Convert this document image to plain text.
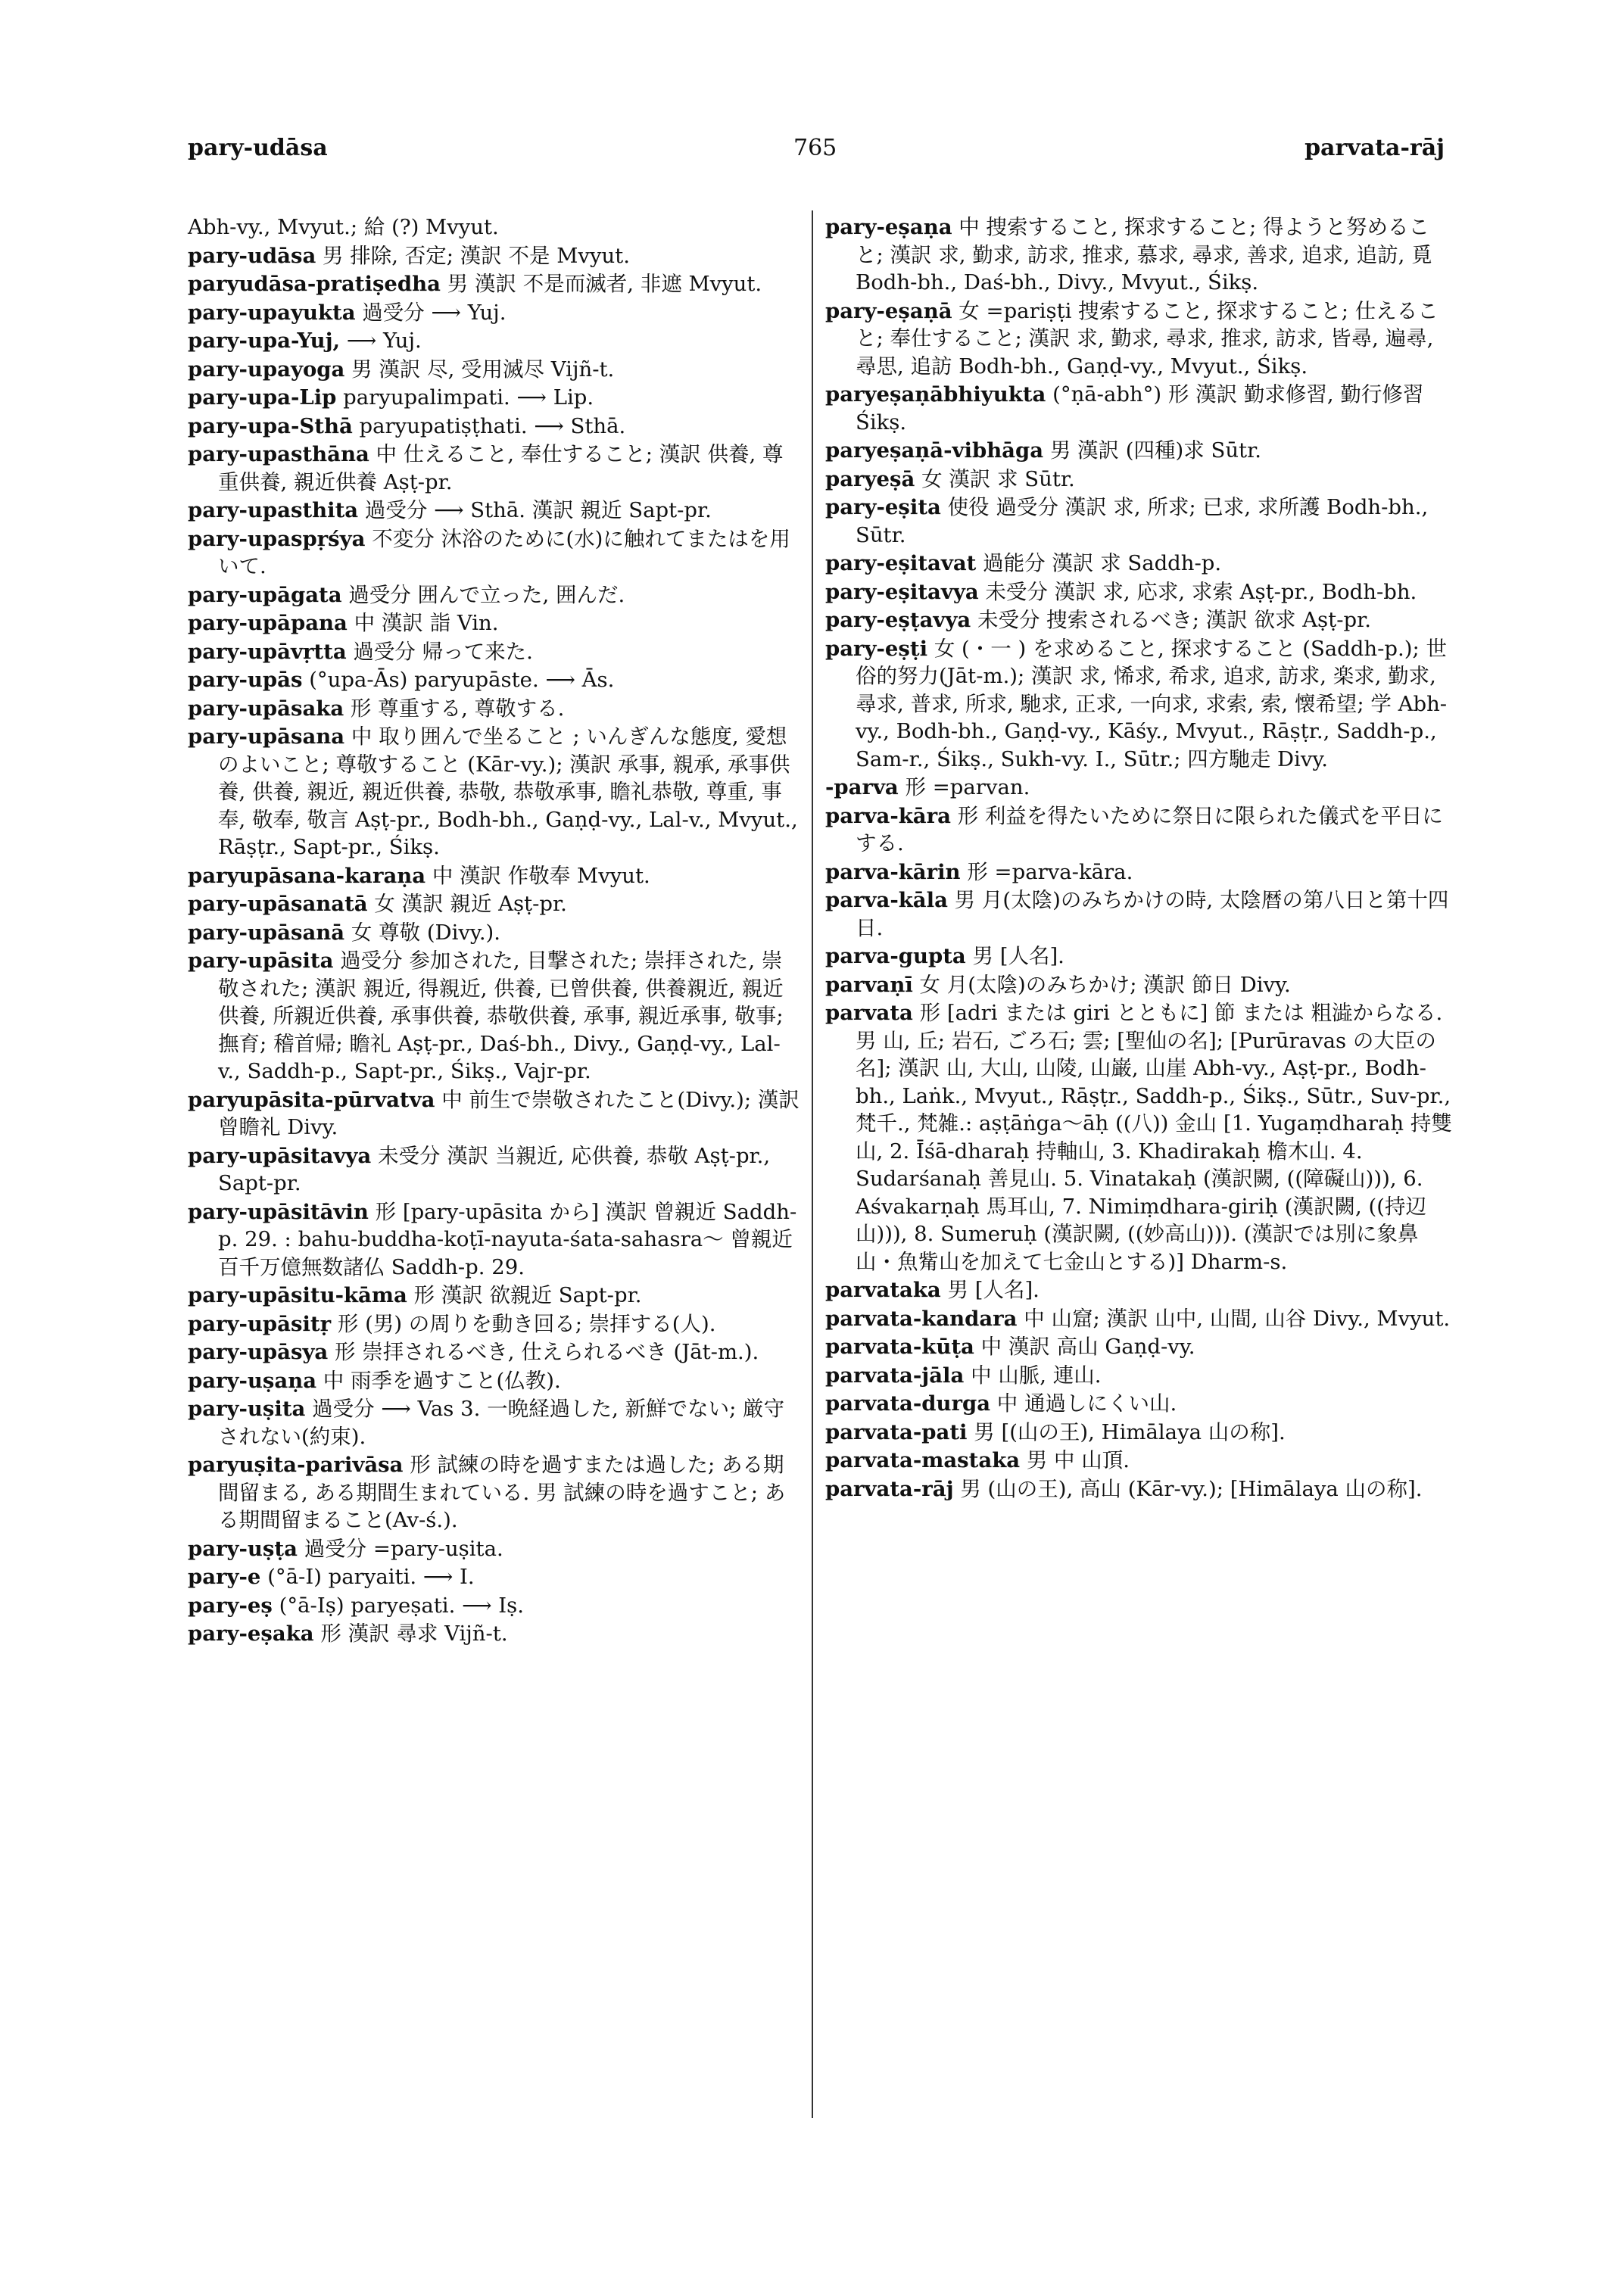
pary-udāsa	765	parvata-rāj
Abh-vy., Mvyut.; 給 (?) Mvyut.
pary-udāsa 男 排除, 否定; 漢訳 不是 Mvyut.
paryudāsa-pratiṣedha 男 漢訳 不是而滅者, 非遮 Mvyut.
pary-upayukta 過受分 ⟶ Yuj.
pary-upa-Yuj, ⟶ Yuj.
pary-upayoga 男 漢訳 尽, 受用滅尽 Vijñ-t.
pary-upa-Lip paryupalimpati. ⟶ Lip.
pary-upa-Sthā paryupatiṣṭhati. ⟶ Sthā.
pary-upasthāna 中 仕えること, 奉仕すること; 漢訳 供養, 尊重供養, 親近供養 Aṣṭ-pr.
pary-upasthita 過受分 ⟶ Sthā. 漢訳 親近 Sapt-pr.
pary-upaspṛśya 不変分 沐浴のために(水)に触れてまたはを用いて.
pary-upāgata 過受分 囲んで立った, 囲んだ.
pary-upāpana 中 漢訳 詣 Vin.
pary-upāvṛtta 過受分 帰って来た.
pary-upās (°upa-Ās) paryupāste. ⟶ Ās.
pary-upāsaka 形 尊重する, 尊敬する.
pary-upāsana 中 取り囲んで坐ること ; いんぎんな態度, 愛想のよいこと; 尊敬すること (Kār-vy.); 漢訳 承事, 親承, 承事供養, 供養, 親近, 親近供養, 恭敬, 恭敬承事, 瞻礼恭敬, 尊重, 事奉, 敬奉, 敬言 Aṣṭ-pr., Bodh-bh., Gaṇḍ-vy., Lal-v., Mvyut., Rāṣṭr., Sapt-pr., Śikṣ.
paryupāsana-karaṇa 中 漢訳 作敬奉 Mvyut.
pary-upāsanatā 女 漢訳 親近 Aṣṭ-pr.
pary-upāsanā 女 尊敬 (Divy.).
pary-upāsita 過受分 参加された, 目撃された; 崇拝された, 崇敬された; 漢訳 親近, 得親近, 供養, 已曾供養, 供養親近, 親近供養, 所親近供養, 承事供養, 恭敬供養, 承事, 親近承事, 敬事; 撫育; 稽首帰; 瞻礼 Aṣṭ-pr., Daś-bh., Divy., Gaṇḍ-vy., Lal-v., Saddh-p., Sapt-pr., Śikṣ., Vajr-pr.
paryupāsita-pūrvatva 中 前生で崇敬されたこと(Divy.); 漢訳 曾瞻礼 Divy.
pary-upāsitavya 未受分 漢訳 当親近, 応供養, 恭敬 Aṣṭ-pr., Sapt-pr.
pary-upāsitāvin 形 [pary-upāsita から] 漢訳 曾親近 Saddh-p. 29. : bahu-buddha-koṭī-nayuta-śata-sahasra～ 曾親近百千万億無数諸仏 Saddh-p. 29.
pary-upāsitu-kāma 形 漢訳 欲親近 Sapt-pr.
pary-upāsitṛ 形 (男) の周りを動き回る; 崇拝する(人).
pary-upāsya 形 崇拝されるべき, 仕えられるべき (Jāt-m.).
pary-uṣaṇa 中 雨季を過すこと(仏教).
pary-uṣita 過受分 ⟶ Vas 3. 一晩経過した, 新鮮でない; 厳守されない(約束).
paryuṣita-parivāsa 形 試練の時を過すまたは過した; ある期間留まる, ある期間生まれている. 男 試練の時を過すこと; ある期間留まること(Av-ś.).
pary-uṣṭa 過受分 =pary-uṣita.
pary-e (°ā-I) paryaiti. ⟶ I.
pary-eṣ (°ā-Iṣ) paryeṣati. ⟶ Iṣ.
pary-eṣaka 形 漢訳 尋求 Vijñ-t.
pary-eṣaṇa 中 捜索すること, 探求すること; 得ようと努めること; 漢訳 求, 勤求, 訪求, 推求, 慕求, 尋求, 善求, 追求, 追訪, 覓 Bodh-bh., Daś-bh., Divy., Mvyut., Śikṣ.
pary-eṣaṇā 女 =pariṣṭi 捜索すること, 探求すること; 仕えること; 奉仕すること; 漢訳 求, 勤求, 尋求, 推求, 訪求, 皆尋, 遍尋, 尋思, 追訪 Bodh-bh., Gaṇḍ-vy., Mvyut., Śikṣ.
paryeṣaṇābhiyukta (°ṇā-abh°) 形 漢訳 勤求修習, 勤行修習 Śikṣ.
paryeṣaṇā-vibhāga 男 漢訳 (四種)求 Sūtr.
paryeṣā 女 漢訳 求 Sūtr.
pary-eṣita 使役 過受分 漢訳 求, 所求; 已求, 求所護 Bodh-bh., Sūtr.
pary-eṣitavat 過能分 漢訳 求 Saddh-p.
pary-eṣitavya 未受分 漢訳 求, 応求, 求索 Aṣṭ-pr., Bodh-bh.
pary-eṣṭavya 未受分 捜索されるべき; 漢訳 欲求 Aṣṭ-pr.
pary-eṣṭi 女 (・一 ) を求めること, 探求すること (Saddh-p.); 世俗的努力(Jāt-m.); 漢訳 求, 悕求, 希求, 追求, 訪求, 楽求, 勤求, 尋求, 普求, 所求, 馳求, 正求, 一向求, 求索, 索, 懐希望; 学 Abh-vy., Bodh-bh., Gaṇḍ-vy., Kāśy., Mvyut., Rāṣṭr., Saddh-p., Sam-r., Śikṣ., Sukh-vy. I., Sūtr.; 四方馳走 Divy.
-parva 形 =parvan.
parva-kāra 形 利益を得たいために祭日に限られた儀式を平日にする.
parva-kārin 形 =parva-kāra.
parva-kāla 男 月(太陰)のみちかけの時, 太陰暦の第八日と第十四日.
parva-gupta 男 [人名].
parvaṇī 女 月(太陰)のみちかけ; 漢訳 節日 Divy.
parvata 形 [adri または giri とともに] 節 または 粗澁からなる. 男 山, 丘; 岩石, ごろ石; 雲; [聖仙の名]; [Purūravas の大臣の名]; 漢訳 山, 大山, 山陵, 山巌, 山崖 Abh-vy., Aṣṭ-pr., Bodh-bh., Laṅk., Mvyut., Rāṣṭr., Saddh-p., Śikṣ., Sūtr., Suv-pr., 梵千., 梵雑.: aṣṭāṅga～āḥ ((八)) 金山 [1. Yugaṃdharaḥ 持雙山, 2. Īśā-dharaḥ 持軸山, 3. Khadirakaḥ 檐木山. 4. Sudarśanaḥ 善見山. 5. Vinatakaḥ (漢訳闕, ((障礙山))), 6. Aśvakarṇaḥ 馬耳山, 7. Nimiṃdhara-giriḥ (漢訳闕, ((持辺山))), 8. Sumeruḥ (漢訳闕, ((妙高山))). (漢訳では別に象鼻山・魚觜山を加えて七金山とする)] Dharm-s.
parvataka 男 [人名].
parvata-kandara 中 山窟; 漢訳 山中, 山間, 山谷 Divy., Mvyut.
parvata-kūṭa 中 漢訳 高山 Gaṇḍ-vy.
parvata-jāla 中 山脈, 連山.
parvata-durga 中 通過しにくい山.
parvata-pati 男 [(山の王), Himālaya 山の称].
parvata-mastaka 男 中 山頂.
parvata-rāj 男 (山の王), 高山 (Kār-vy.); [Himālaya 山の称].
